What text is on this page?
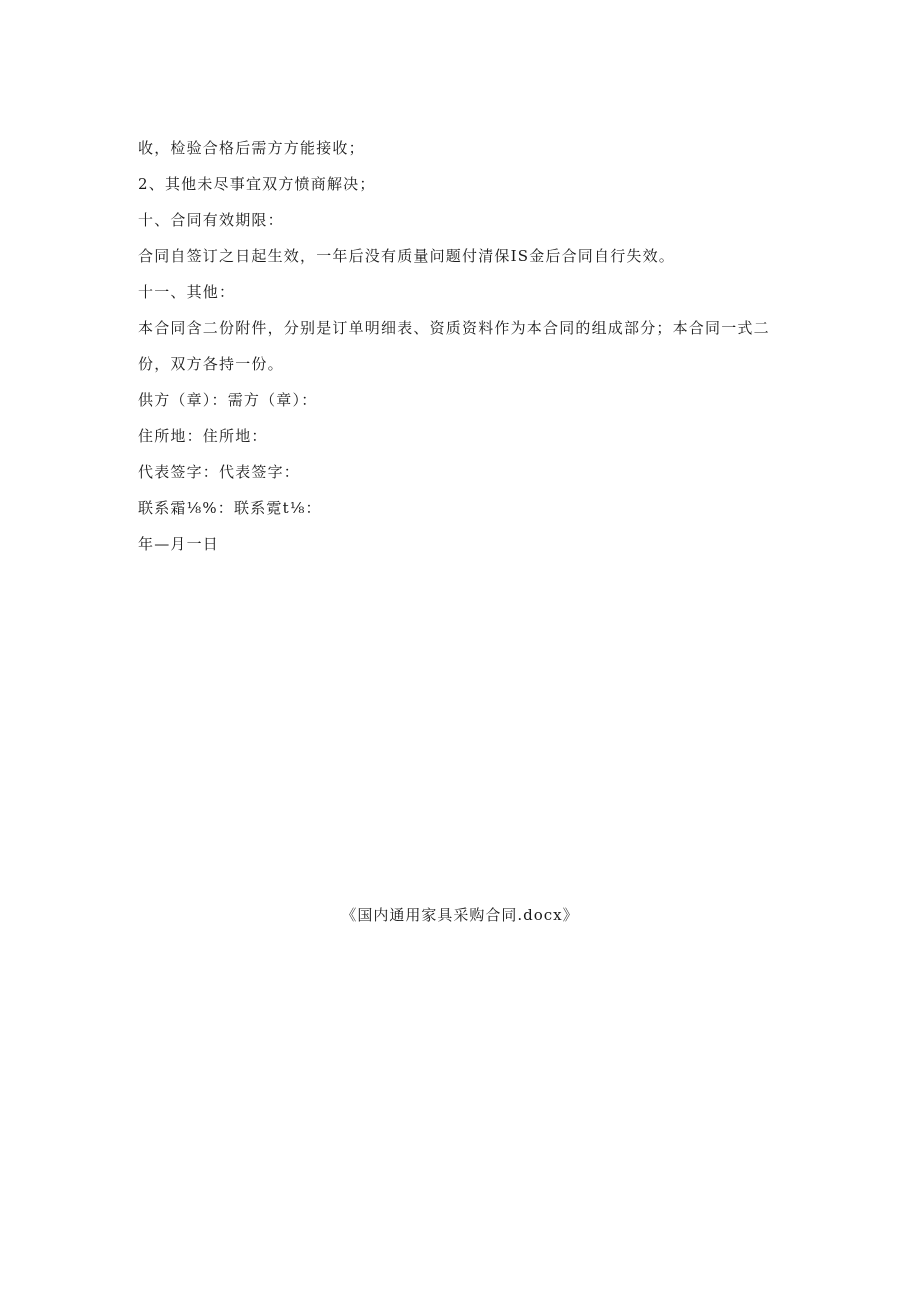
收，检验合格后需方方能接收；
2、其他未尽事宜双方愤商解决；
十、合同有效期限：
合同自签订之日起生效，一年后没有质量问题付清保IS金后合同自行失效。
十一、其他：
本合同含二份附件，分别是订单明细表、资质资料作为本合同的组成部分；本合同一式二份，双方各持一份。
供方（章）：需方（章）：
住所地：住所地：
代表签字：代表签字：
联系霜⅛%：联系霓t⅛：
年—月一日
《国内通用家具采购合同.docx》
